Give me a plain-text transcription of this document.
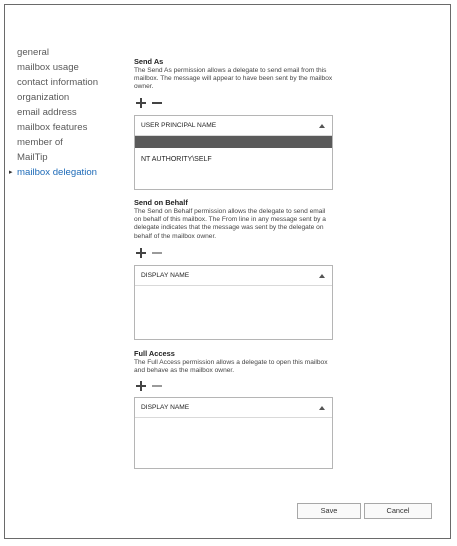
general
mailbox usage
contact information
organization
email address
mailbox features
member of
MailTip
▸ mailbox delegation
Send As
The Send As permission allows a delegate to send email from this mailbox. The message will appear to have been sent by the mailbox owner.
USER PRINCIPAL NAME
NT AUTHORITY\SELF
Send on Behalf
The Send on Behalf permission allows the delegate to send email on behalf of this mailbox. The From line in any message sent by a delegate indicates that the message was sent by the delegate on behalf of the mailbox owner.
DISPLAY NAME
Full Access
The Full Access permission allows a delegate to open this mailbox and behave as the mailbox owner.
DISPLAY NAME
Save	Cancel
